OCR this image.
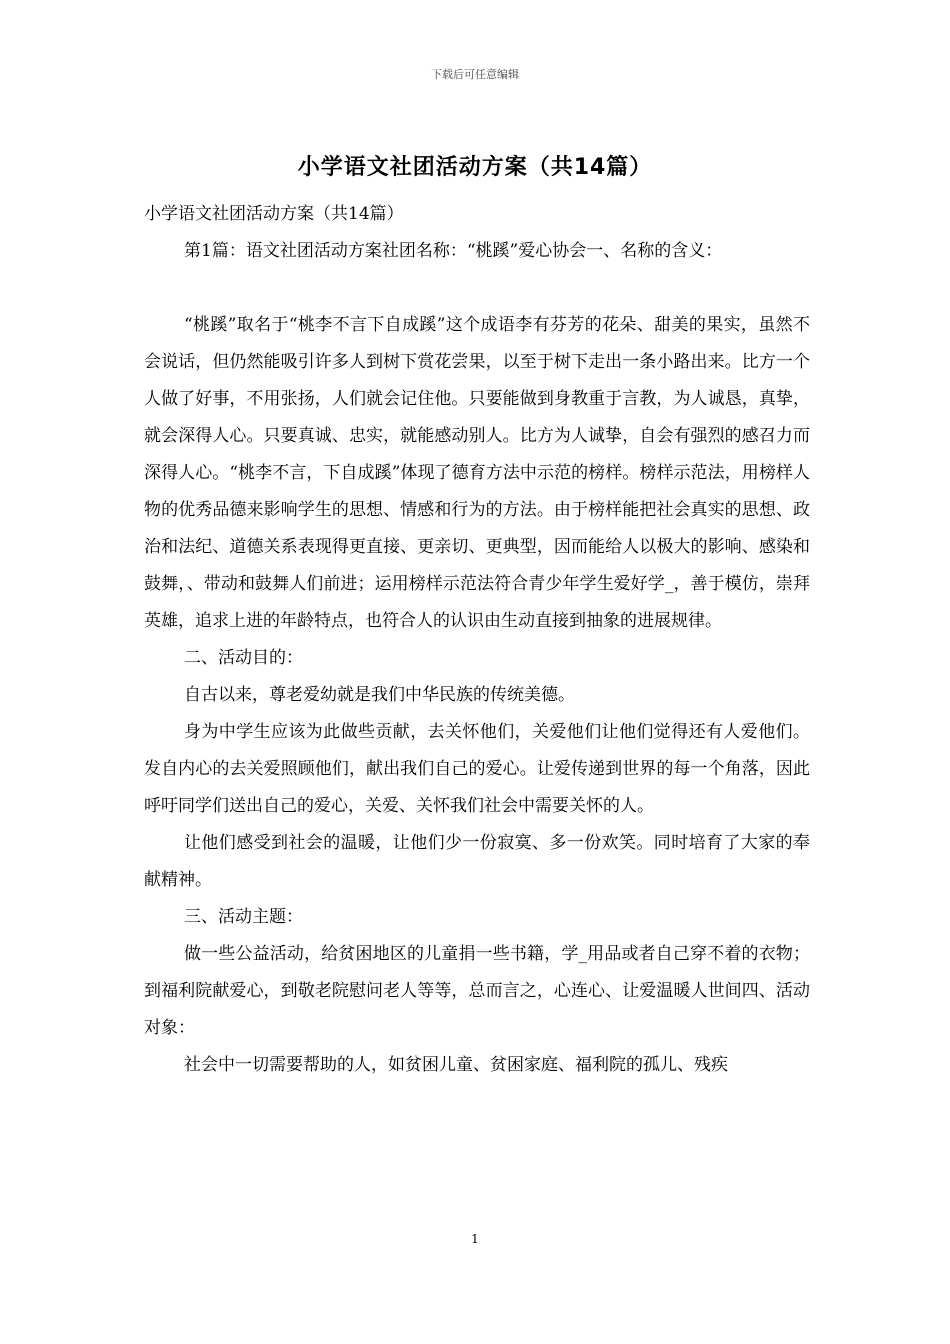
下载后可任意编辑
小学语文社团活动方案（共14篇）

小学语文社团活动方案（共14篇）

第1篇：语文社团活动方案社团名称：“桃蹊”爱心协会一、名称的含义：

“桃蹊”取名于“桃李不言下自成蹊”这个成语李有芬芳的花朵、甜美的果实，虽然不会说话，但仍然能吸引许多人到树下赏花尝果，以至于树下走出一条小路出来。比方一个人做了好事，不用张扬，人们就会记住他。只要能做到身教重于言教，为人诚恳，真挚，就会深得人心。只要真诚、忠实，就能感动别人。比方为人诚挚，自会有强烈的感召力而深得人心。“桃李不言，下自成蹊”体现了德育方法中示范的榜样。榜样示范法，用榜样人物的优秀品德来影响学生的思想、情感和行为的方法。由于榜样能把社会真实的思想、政治和法纪、道德关系表现得更直接、更亲切、更典型，因而能给人以极大的影响、感染和鼓舞，、带动和鼓舞人们前进；运用榜样示范法符合青少年学生爱好学_，善于模仿，崇拜英雄，追求上进的年龄特点，也符合人的认识由生动直接到抽象的进展规律。

二、活动目的：

自古以来，尊老爱幼就是我们中华民族的传统美德。

身为中学生应该为此做些贡献，去关怀他们，关爱他们让他们觉得还有人爱他们。发自内心的去关爱照顾他们，献出我们自己的爱心。让爱传递到世界的每一个角落，因此呼吁同学们送出自己的爱心，关爱、关怀我们社会中需要关怀的人。

让他们感受到社会的温暖，让他们少一份寂寞、多一份欢笑。同时培育了大家的奉献精神。

三、活动主题：

做一些公益活动，给贫困地区的儿童捐一些书籍，学_用品或者自己穿不着的衣物；到福利院献爱心，到敬老院慰问老人等等，总而言之，心连心、让爱温暖人世间四、活动对象：

社会中一切需要帮助的人，如贫困儿童、贫困家庭、福利院的孤儿、残疾

1
